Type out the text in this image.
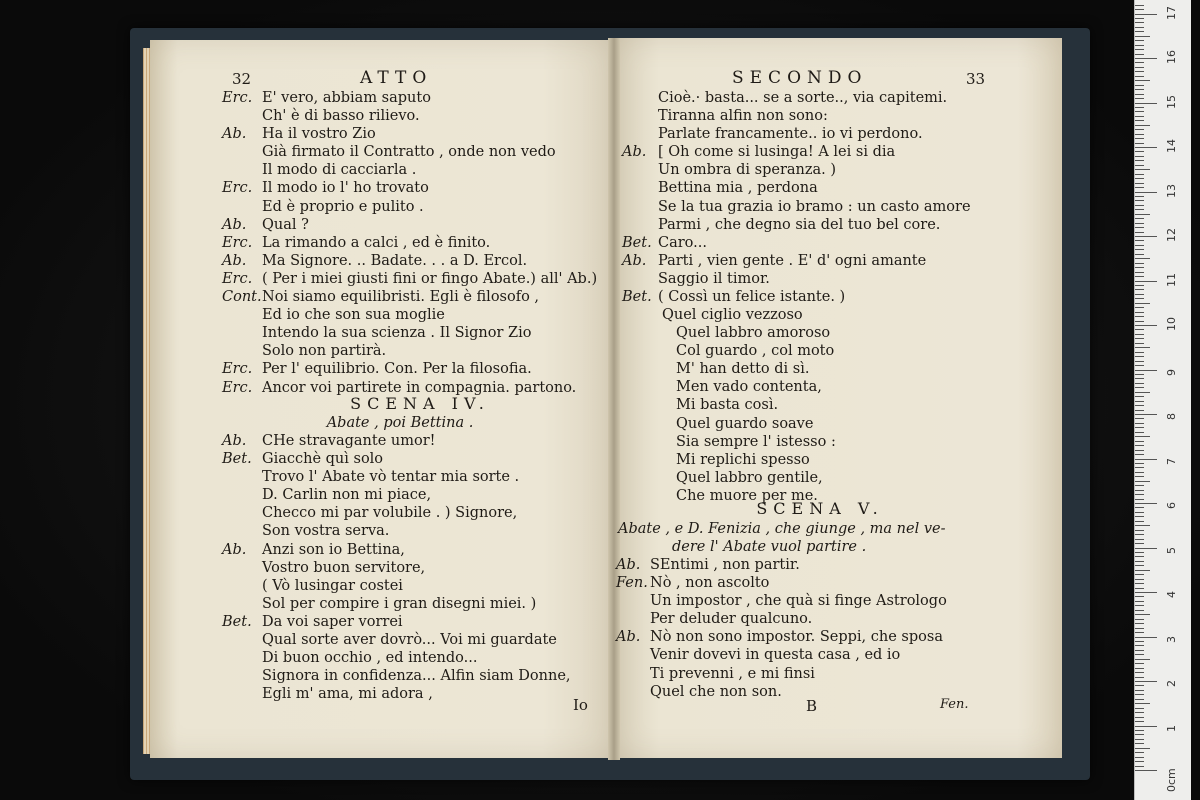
32	ATTO
Erc. E' vero, abbiam saputo
Ch' è di basso rilievo.
Ab. Ha il vostro Zio
Già firmato il Contratto , onde non vedo
Il modo di cacciarla .
Erc. Il modo io l' ho trovato
Ed è proprio e pulito .
Ab. Qual ?
Erc. La rimando a calci , ed è finito.
Ab. Ma Signore. .. Badate. . . a D. Ercol.
Erc. ( Per i miei giusti fini or fingo Abate.) all' Ab.)
Cont.Noi siamo equilibristi. Egli è filosofo ,
Ed io che son sua moglie
Intendo la sua scienza . Il Signor Zio
Solo non partirà.
Erc. Per l' equilibrio. Con. Per la filosofia.
Erc. Ancor voi partirete in compagnia. partono.
SCENA IV.
Abate , poi Bettina .
Ab. CHe stravagante umor!
Bet. Giacchè quì solo
Trovo l' Abate vò tentar mia sorte .
D. Carlin non mi piace,
Checco mi par volubile . ) Signore,
Son vostra serva.
Ab. Anzi son io Bettina,
Vostro buon servitore,
( Vò lusingar costei
Sol per compire i gran disegni miei. )
Bet. Da voi saper vorrei
Qual sorte aver dovrò... Voi mi guardate
Di buon occhio , ed intendo...
Signora in confidenza... Alfin siam Donne,
Egli m' ama, mi adora ,
Io
SECONDO	33
Cioè.· basta... se a sorte.., via capitemi.
Tiranna alfin non sono:
Parlate francamente.. io vi perdono.
Ab. [ Oh come si lusinga! A lei si dia
Un ombra di speranza. )
Bettina mia , perdona
Se la tua grazia io bramo : un casto amore
Parmi , che degno sia del tuo bel core.
Bet. Caro...
Ab. Parti , vien gente . E' d' ogni amante
Saggio il timor.
Bet. ( Cossì un felice istante. )
Quel ciglio vezzoso
Quel labbro amoroso
Col guardo , col moto
M' han detto di sì.
Men vado contenta,
Mi basta così.
Quel guardo soave
Sia sempre l' istesso :
Mi replichi spesso
Quel labbro gentile,
Che muore per me.
SCENA V.
Abate , e D. Fenizia , che giunge , ma nel ve-
dere l' Abate vuol partire .
Ab. SEntimi , non partir.
Fen. Nò , non ascolto
Un impostor , che quà si finge Astrologo
Per deluder qualcuno.
Ab. Nò non sono impostor. Seppi, che sposa
Venir dovevi in questa casa , ed io
Ti prevenni , e mi finsi
Quel che non son.
B	Fen.
0cm
1
2
3
4
5
6
7
8
9
10
11
12
13
14
15
16
17
